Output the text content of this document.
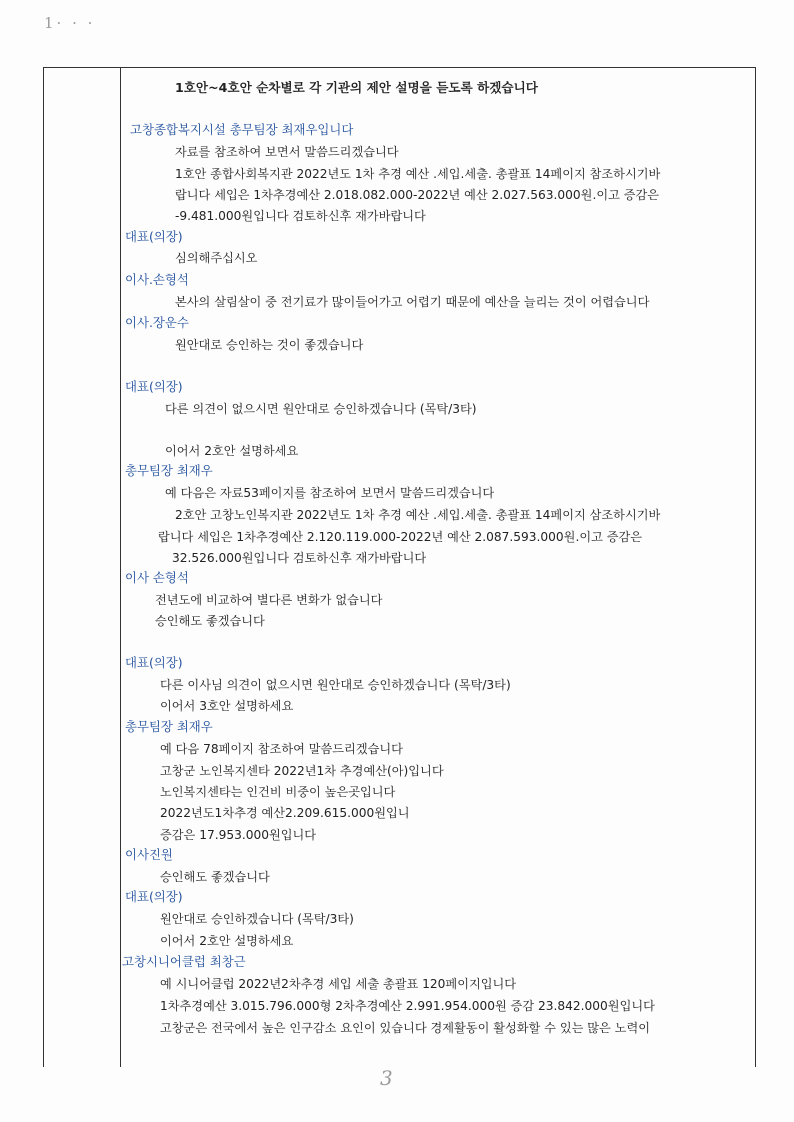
1· · ·
1호안~4호안 순차별로 각 기관의 제안 설명을 듣도록 하겠습니다
고창종합복지시설 총무팀장 최재우입니다
자료를 참조하여 보면서 말씀드리겠습니다
1호안 종합사회복지관 2022년도 1차 추경 예산 .세입.세출. 총괄표 14페이지 참조하시기바
랍니다 세입은 1차추경예산 2.018.082.000-2022년 예산 2.027.563.000원.이고 증감은
-9.481.000원입니다 검토하신후 재가바랍니다
대표(의장)
심의해주십시오
이사.손형석
본사의 살림살이 중 전기료가 많이들어가고 어렵기 때문에 예산을 늘리는 것이 어렵습니다
이사.장운수
원안대로 승인하는 것이 좋겠습니다
대표(의장)
다른 의견이 없으시면 원안대로 승인하겠습니다 (목탁/3타)
이어서 2호안 설명하세요
총무팀장 최재우
예 다음은 자료53페이지를 참조하여 보면서 말씀드리겠습니다
2호안 고창노인복지관 2022년도 1차 추경 예산 .세입.세출. 총괄표 14페이지 삼조하시기바
랍니다 세입은 1차추경예산 2.120.119.000-2022년 예산 2.087.593.000원.이고 증감은
32.526.000원입니다 검토하신후 재가바랍니다
이사 손형석
전년도에 비교하여 별다른 변화가 없습니다
승인해도 좋겠습니다
대표(의장)
다른 이사님 의견이 없으시면 원안대로 승인하겠습니다 (목탁/3타)
이어서 3호안 설명하세요
총무팀장 최재우
예 다음 78페이지 참조하여 말씀드리겠습니다
고창군 노인복지센타 2022년1차 추경예산(아)입니다
노인복지센타는 인건비 비중이 높은곳입니다
2022년도1차추경 예산2.209.615.000원입니
증감은 17.953.000원입니다
이사진원
승인해도 좋겠습니다
대표(의장)
원안대로 승인하겠습니다 (목탁/3타)
이어서 2호안 설명하세요
고창시니어클럽 최창근
예 시니어클럽 2022년2차추경 세입 세출 총괄표 120페이지입니다
1차추경예산 3.015.796.000형 2차추경예산 2.991.954.000원 증감 23.842.000원입니다
고창군은 전국에서 높은 인구감소 요인이 있습니다 경제활동이 활성화할 수 있는 많은 노력이
3
